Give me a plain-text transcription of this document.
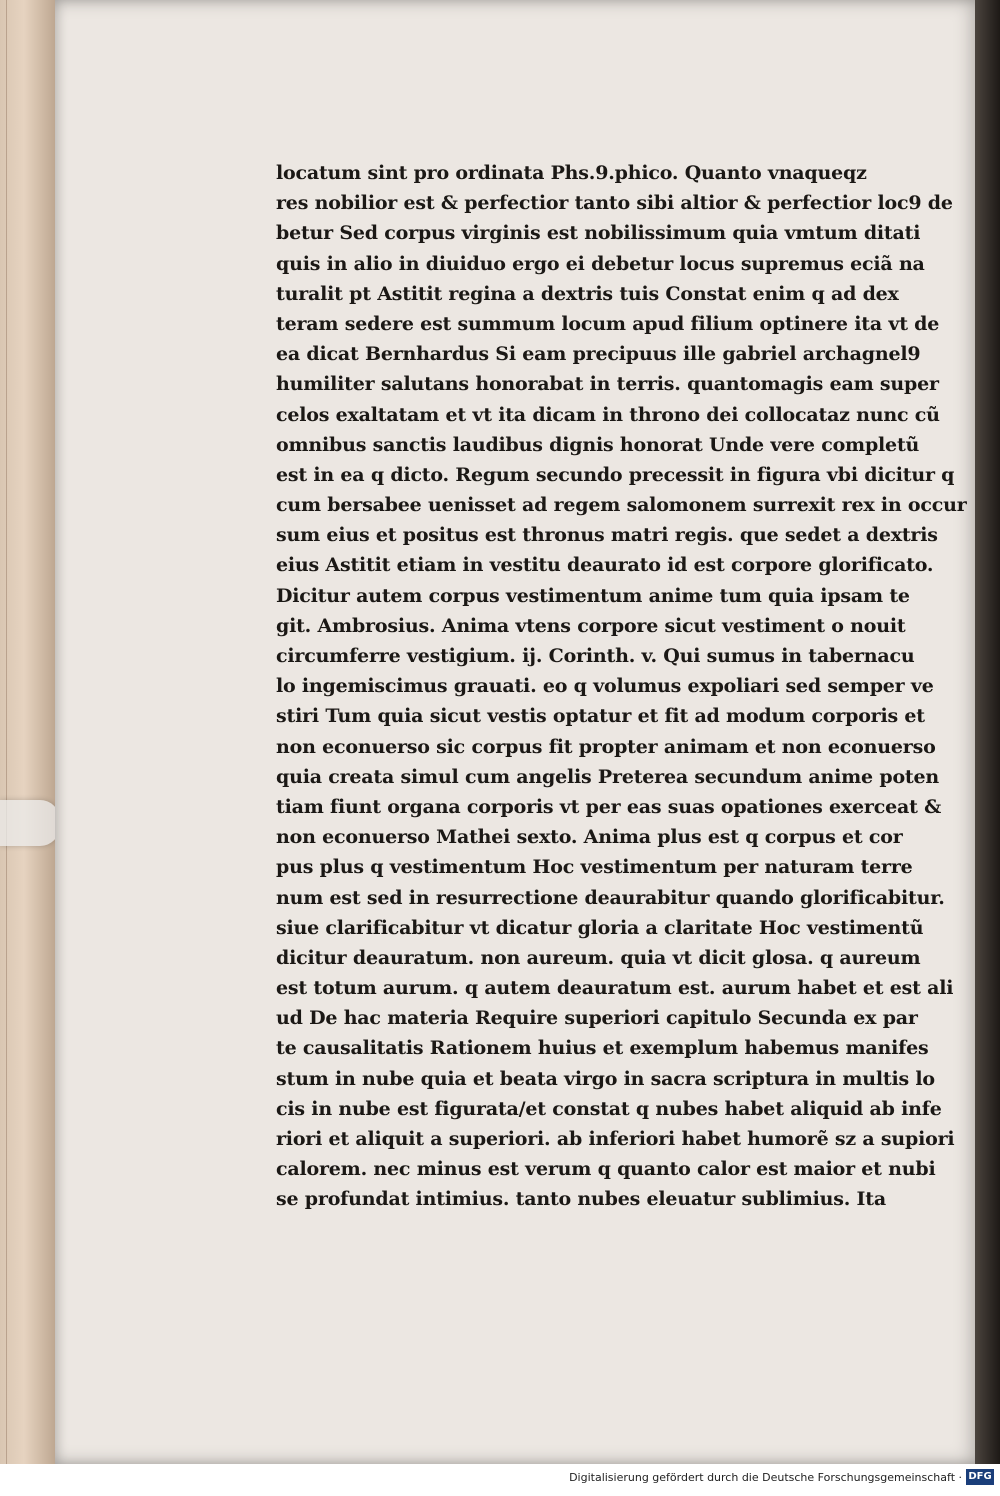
locatum sint pro ordinata Phs.9.phico. Quanto vnaqueqz
res nobilior est & perfectior tanto sibi altior & perfectior loc9 de
betur Sed corpus virginis est nobilissimum quia vmtum ditati
quis in alio in diuiduo ergo ei debetur locus supremus eciã na
turalit pt Astitit regina a dextris tuis Constat enim q ad dex
teram sedere est summum locum apud filium optinere ita vt de
ea dicat Bernhardus Si eam precipuus ille gabriel archagnel9
humiliter salutans honorabat in terris. quantomagis eam super
celos exaltatam et vt ita dicam in throno dei collocataz nunc cũ
omnibus sanctis laudibus dignis honorat Unde vere completũ
est in ea q dicto. Regum secundo precessit in figura vbi dicitur q
cum bersabee uenisset ad regem salomonem surrexit rex in occur
sum eius et positus est thronus matri regis. que sedet a dextris
eius Astitit etiam in vestitu deaurato id est corpore glorificato.
Dicitur autem corpus vestimentum anime tum quia ipsam te
git. Ambrosius. Anima vtens corpore sicut vestiment o nouit
circumferre vestigium. ij. Corinth. v. Qui sumus in tabernacu
lo ingemiscimus grauati. eo q volumus expoliari sed semper ve
stiri Tum quia sicut vestis optatur et fit ad modum corporis et
non econuerso sic corpus fit propter animam et non econuerso
quia creata simul cum angelis Preterea secundum anime poten
tiam fiunt organa corporis vt per eas suas opationes exerceat &
non econuerso Mathei sexto. Anima plus est q corpus et cor
pus plus q vestimentum Hoc vestimentum per naturam terre
num est sed in resurrectione deaurabitur quando glorificabitur.
siue clarificabitur vt dicatur gloria a claritate Hoc vestimentũ
dicitur deauratum. non aureum. quia vt dicit glosa. q aureum
est totum aurum. q autem deauratum est. aurum habet et est ali
ud De hac materia Require superiori capitulo Secunda ex par
te causalitatis Rationem huius et exemplum habemus manifes
stum in nube quia et beata virgo in sacra scriptura in multis lo
cis in nube est figurata/et constat q nubes habet aliquid ab infe
riori et aliquit a superiori. ab inferiori habet humorẽ sz a supiori
calorem. nec minus est verum q quanto calor est maior et nubi
se profundat intimius. tanto nubes eleuatur sublimius. Ita
Digitalisierung gefördert durch die Deutsche Forschungsgemeinschaft · DFG
